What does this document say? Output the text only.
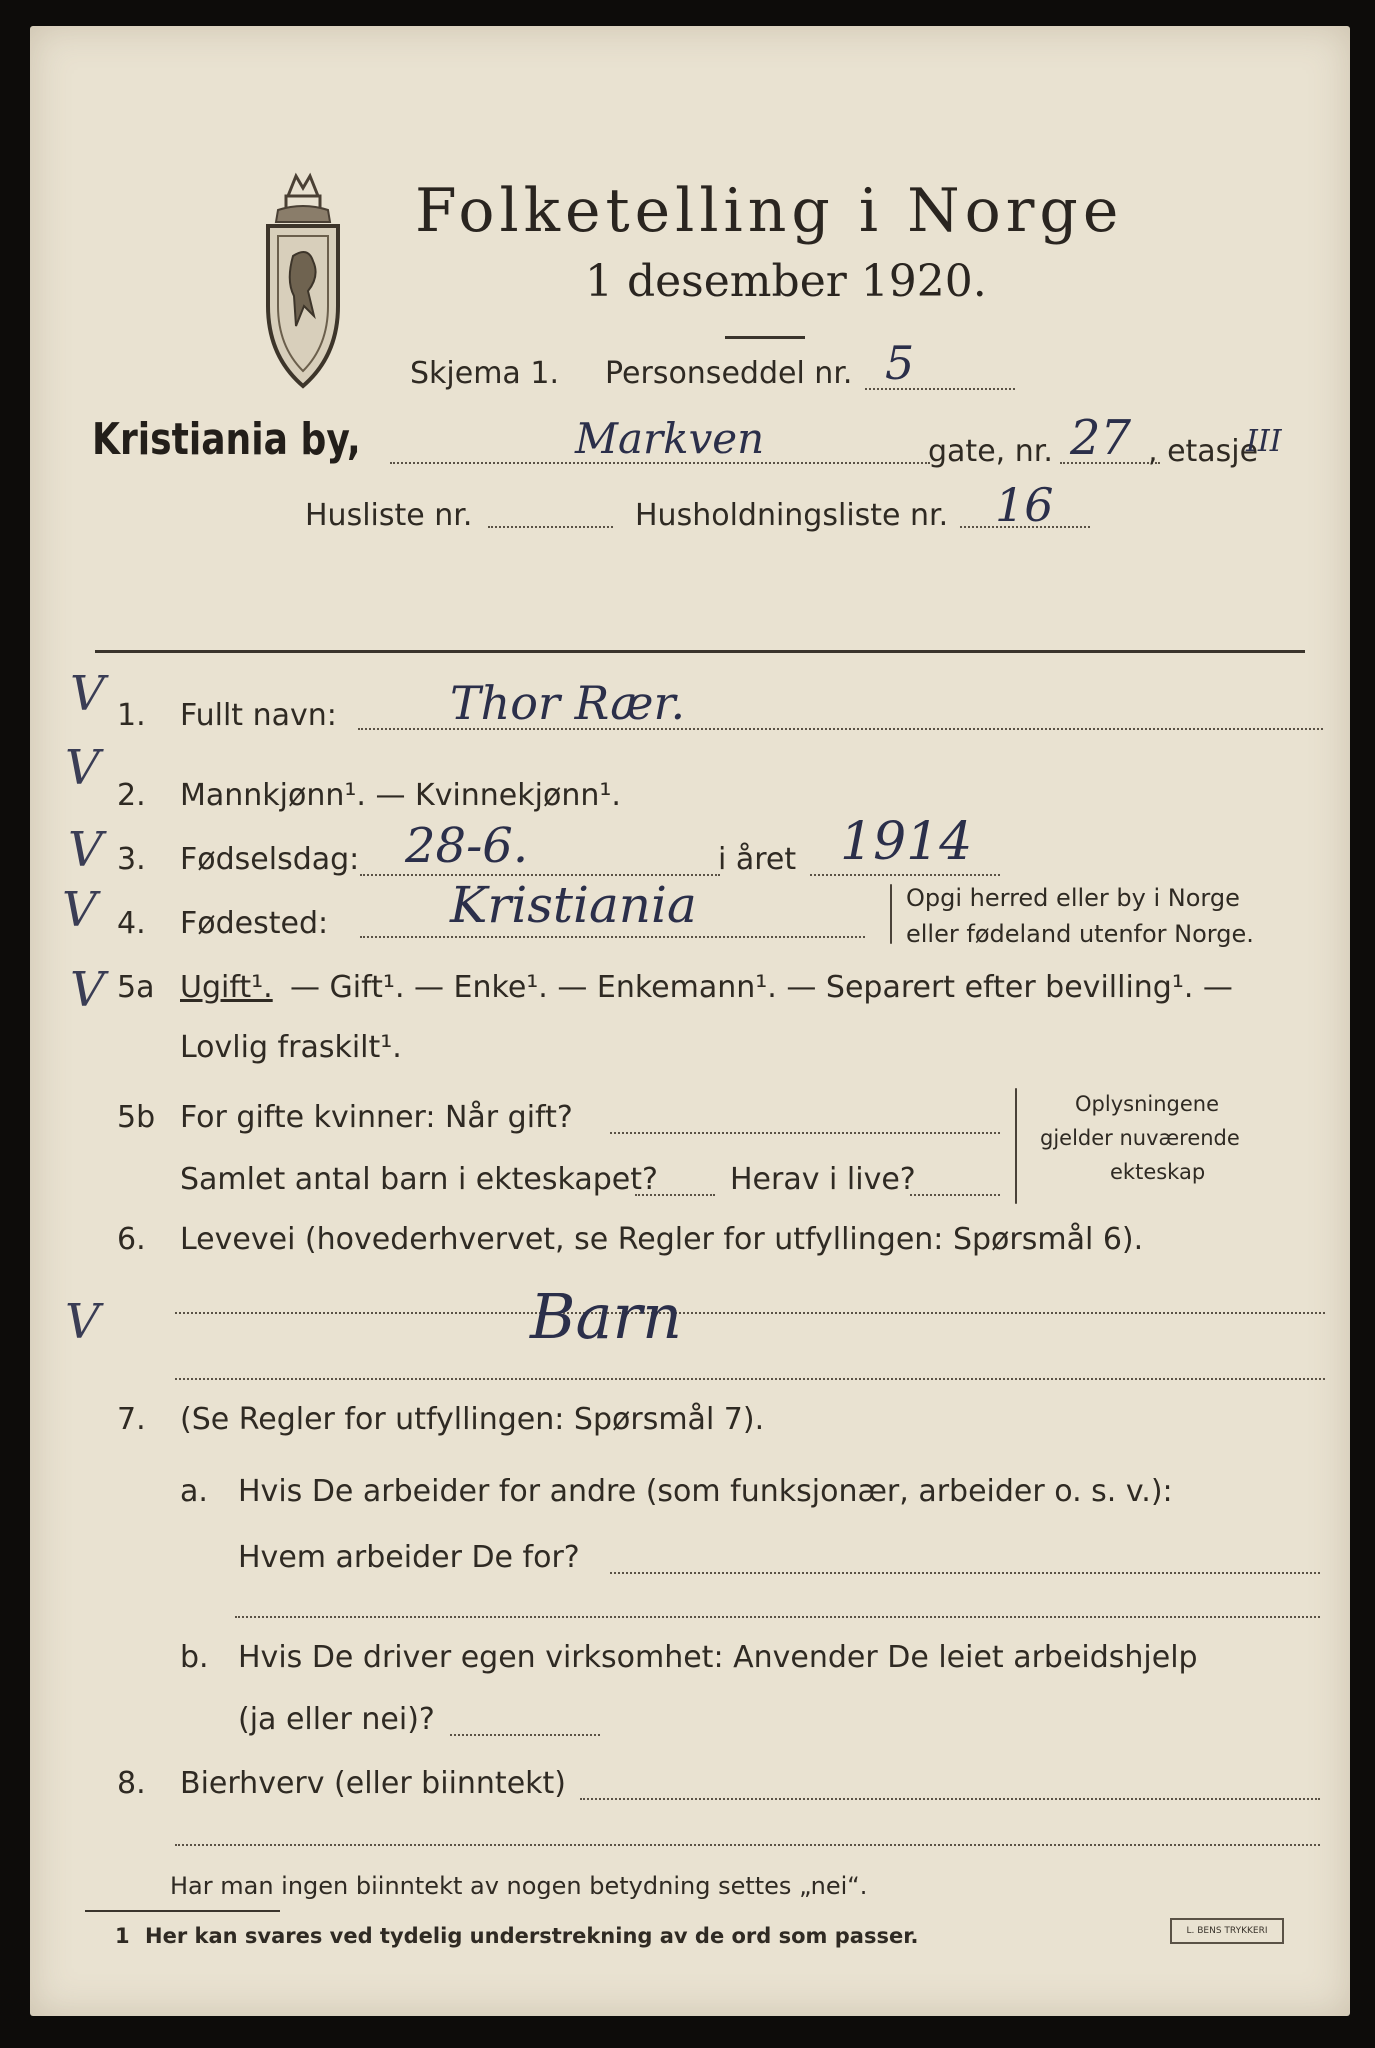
Folketelling i Norge
1 desember 1920.
Skjema 1. Personseddel nr. 5
Kristiania by,	Markven	gate, nr. 27 , etasje
III
Husliste nr.	Husholdningsliste nr. 16
V
V
V
V
V
V
1. Fullt navn: Thor Rær.
2. Mannkjønn¹. — Kvinnekjønn¹.
3. Fødselsdag: 28-6.	i året 1914
4. Fødested: Kristiania	Opgi herred eller by i Norge
eller fødeland utenfor Norge.
5a Ugift¹. — Gift¹. — Enke¹. — Enkemann¹. — Separert efter bevilling¹. —
Lovlig fraskilt¹.
5b For gifte kvinner: Når gift?
Samlet antal barn i ekteskapet? Herav i live?
Oplysningene
gjelder nuværende
ekteskap
6. Levevei (hovederhvervet, se Regler for utfyllingen: Spørsmål 6).
Barn
7. (Se Regler for utfyllingen: Spørsmål 7).
a. Hvis De arbeider for andre (som funksjonær, arbeider o. s. v.):
Hvem arbeider De for?
b. Hvis De driver egen virksomhet: Anvender De leiet arbeidshjelp
(ja eller nei)?
8. Bierhverv (eller biinntekt)
Har man ingen biinntekt av nogen betydning settes „nei“.
1 Her kan svares ved tydelig understrekning av de ord som passer.	L. BENS TRYKKERI
